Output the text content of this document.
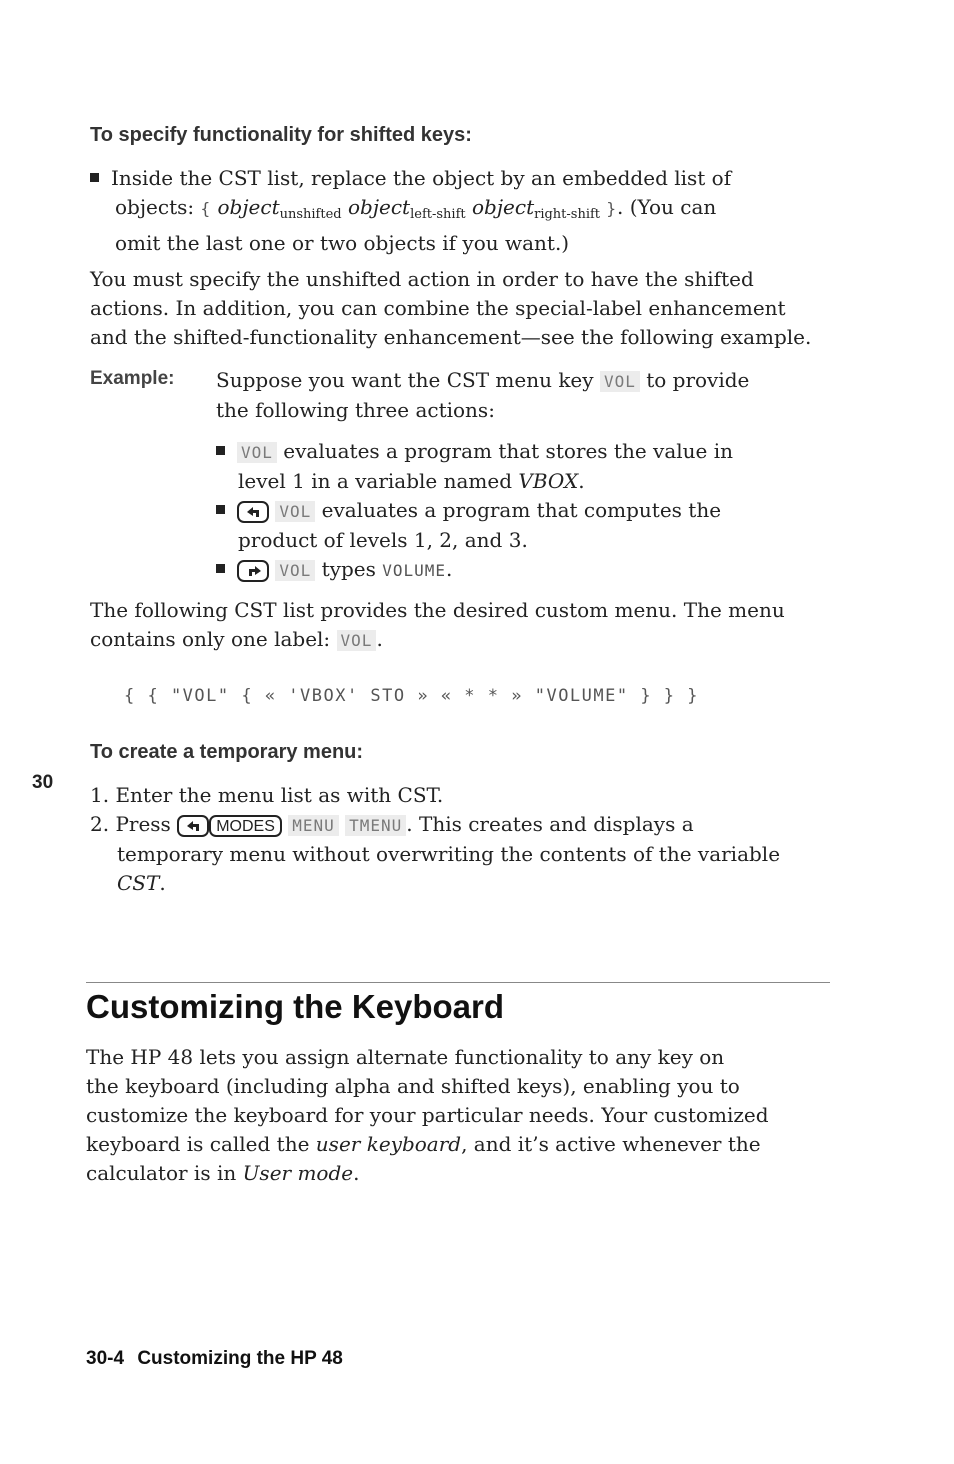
To specify functionality for shifted keys:
Inside the CST list, replace the object by an embedded list of
objects: { object$_{unshifted}$ object$_{left-shift}$ object$_{right-shift}$ }. (You can
omit the last one or two objects if you want.)
You must specify the unshifted action in order to have the shifted
actions. In addition, you can combine the special-label enhancement
and the shifted-functionality enhancement—see the following example.
Example: Suppose you want the CST menu key VOL to provide
the following three actions:
VOL evaluates a program that stores the value in
level 1 in a variable named VBOX.
VOL evaluates a program that computes the
product of levels 1, 2, and 3.
VOL types VOLUME.
The following CST list provides the desired custom menu. The menu
contains only one label: VOL .
{ { "VOL" { « 'VBOX' STO » « * * » "VOLUME" } } }
To create a temporary menu:
30
1. Enter the menu list as with CST.
2. Press	MODES MENU TMENU . This creates and displays a
temporary menu without overwriting the contents of the variable
CST.
Customizing the Keyboard
The HP 48 lets you assign alternate functionality to any key on
the keyboard (including alpha and shifted keys), enabling you to
customize the keyboard for your particular needs. Your customized
keyboard is called the user keyboard, and it’s active whenever the
calculator is in User mode.
30-4 Customizing the HP 48
